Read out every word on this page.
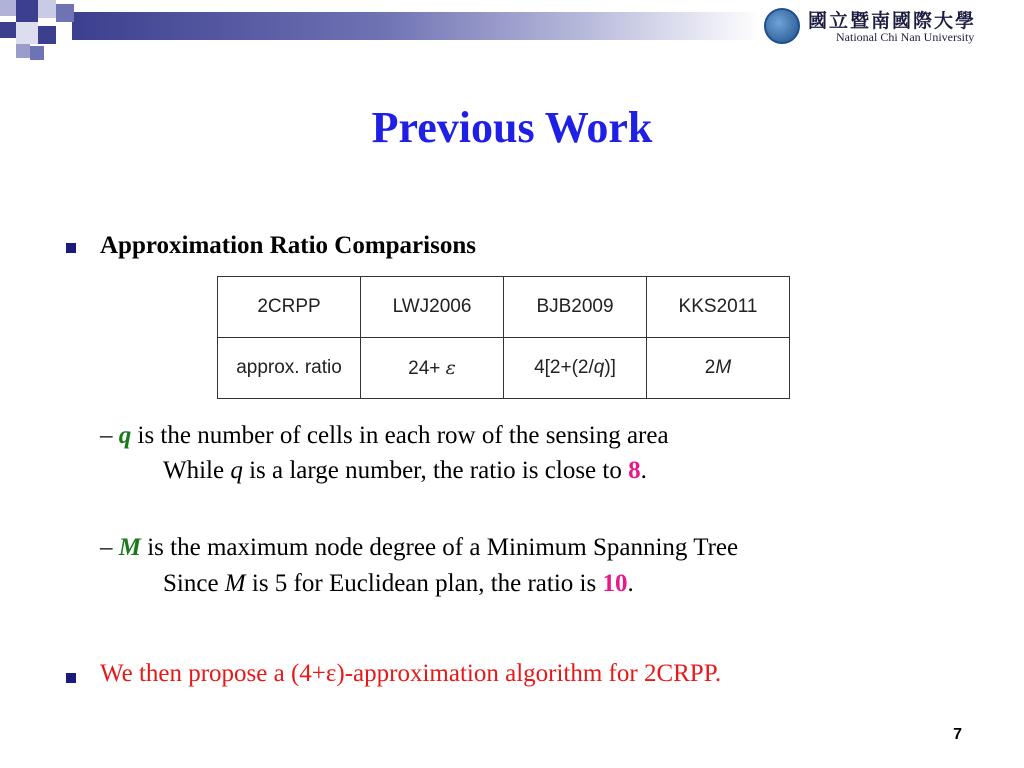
國立暨南國際大學
National Chi Nan University
Previous Work
Approximation Ratio Comparisons
2CRPP	LWJ2006	BJB2009	KKS2011
approx. ratio	24+ ε	4[2+(2/q)]	2M
– q is the number of cells in each row of the sensing area
While q is a large number, the ratio is close to 8.
– M is the maximum node degree of a Minimum Spanning Tree
Since M is 5 for Euclidean plan, the ratio is 10.
We then propose a (4+ε)-approximation algorithm for 2CRPP.
7
